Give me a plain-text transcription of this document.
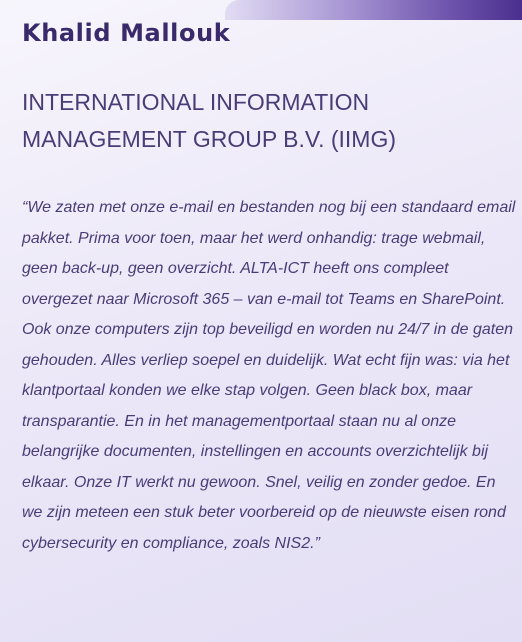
Khalid Mallouk
INTERNATIONAL INFORMATION MANAGEMENT GROUP B.V. (IIMG)

“We zaten met onze e-mail en bestanden nog bij een standaard email pakket. Prima voor toen, maar het werd onhandig: trage webmail, geen back-up, geen overzicht. ALTA-ICT heeft ons compleet overgezet naar Microsoft 365 – van e-mail tot Teams en SharePoint. Ook onze computers zijn top beveiligd en worden nu 24/7 in de gaten gehouden. Alles verliep soepel en duidelijk. Wat echt fijn was: via het klantportaal konden we elke stap volgen. Geen black box, maar transparantie. En in het managementportaal staan nu al onze belangrijke documenten, instellingen en accounts overzichtelijk bij elkaar. Onze IT werkt nu gewoon. Snel, veilig en zonder gedoe. En we zijn meteen een stuk beter voorbereid op de nieuwste eisen rond cybersecurity en compliance, zoals NIS2.”
